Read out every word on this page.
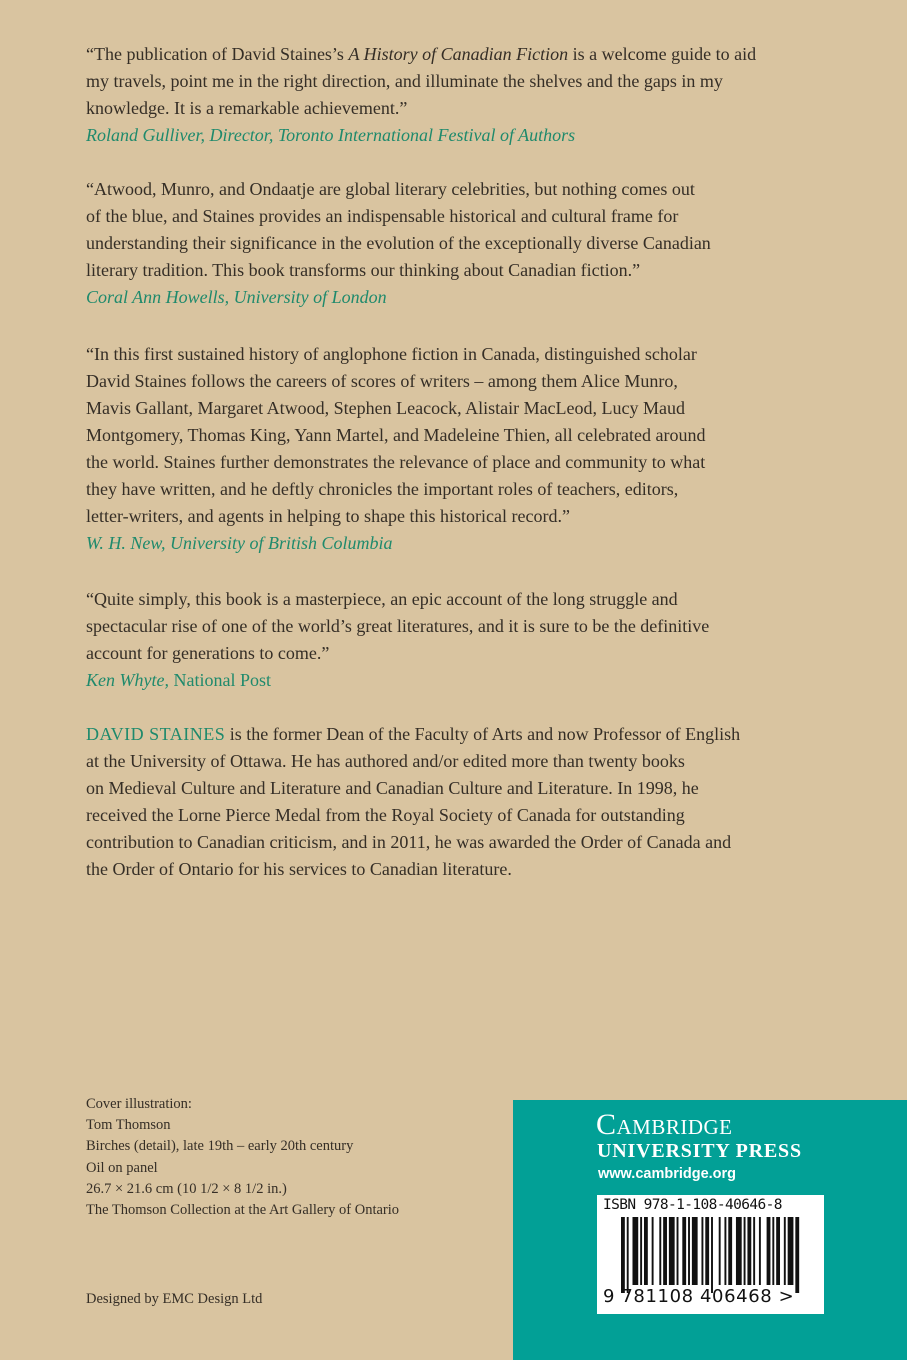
“The publication of David Staines’s A History of Canadian Fiction is a welcome guide to aid
my travels, point me in the right direction, and illuminate the shelves and the gaps in my
knowledge. It is a remarkable achievement.”
Roland Gulliver, Director, Toronto International Festival of Authors
“Atwood, Munro, and Ondaatje are global literary celebrities, but nothing comes out
of the blue, and Staines provides an indispensable historical and cultural frame for
understanding their significance in the evolution of the exceptionally diverse Canadian
literary tradition. This book transforms our thinking about Canadian fiction.”
Coral Ann Howells, University of London
“In this first sustained history of anglophone fiction in Canada, distinguished scholar
David Staines follows the careers of scores of writers – among them Alice Munro,
Mavis Gallant, Margaret Atwood, Stephen Leacock, Alistair MacLeod, Lucy Maud
Montgomery, Thomas King, Yann Martel, and Madeleine Thien, all celebrated around
the world. Staines further demonstrates the relevance of place and community to what
they have written, and he deftly chronicles the important roles of teachers, editors,
letter-writers, and agents in helping to shape this historical record.”
W. H. New, University of British Columbia
“Quite simply, this book is a masterpiece, an epic account of the long struggle and
spectacular rise of one of the world’s great literatures, and it is sure to be the definitive
account for generations to come.”
Ken Whyte, National Post
DAVID STAINES is the former Dean of the Faculty of Arts and now Professor of English
at the University of Ottawa. He has authored and/or edited more than twenty books
on Medieval Culture and Literature and Canadian Culture and Literature. In 1998, he
received the Lorne Pierce Medal from the Royal Society of Canada for outstanding
contribution to Canadian criticism, and in 2011, he was awarded the Order of Canada and
the Order of Ontario for his services to Canadian literature.
Cover illustration:
Tom Thomson
Birches (detail), late 19th – early 20th century
Oil on panel
26.7 × 21.6 cm (10 1/2 × 8 1/2 in.)
The Thomson Collection at the Art Gallery of Ontario
Designed by EMC Design Ltd
Cambridge
UNIVERSITY PRESS
www.cambridge.org
ISBN 978-1-108-40646-8
9 781108 406468 >
